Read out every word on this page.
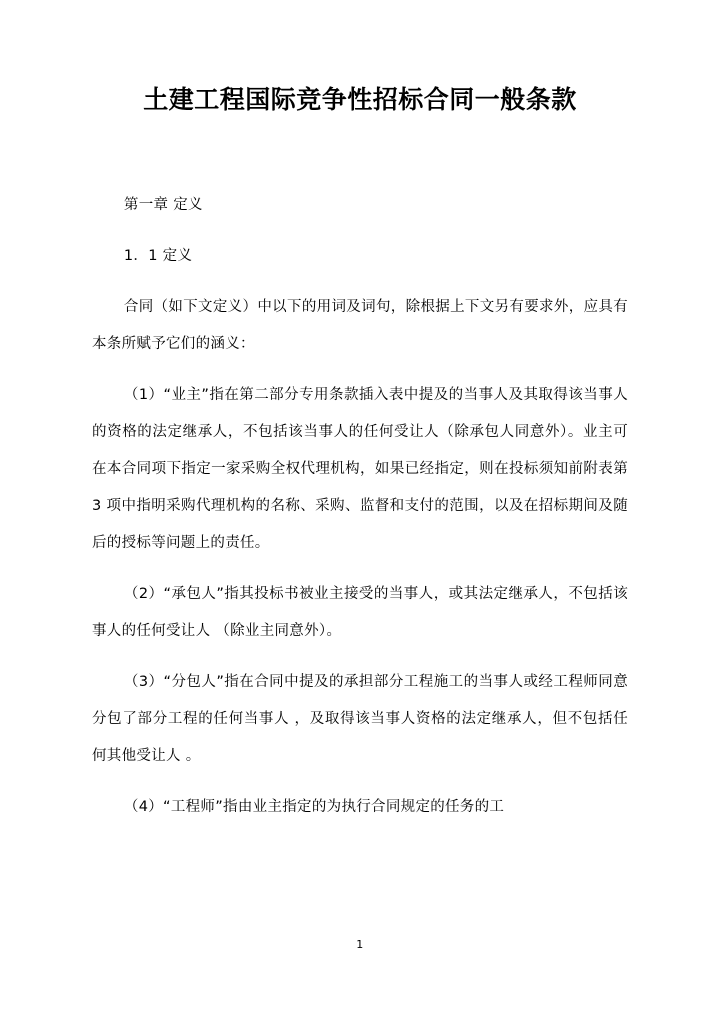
土建工程国际竞争性招标合同一般条款

第一章 定义

1．1 定义

合同（如下文定义）中以下的用词及词句，除根据上下文另有要求外，应具有本条所赋予它们的涵义：

（1）“业主”指在第二部分专用条款插入表中提及的当事人及其取得该当事人的资格的法定继承人，不包括该当事人的任何受让人（除承包人同意外）。业主可在本合同项下指定一家采购全权代理机构，如果已经指定，则在投标须知前附表第 3 项中指明采购代理机构的名称、采购、监督和支付的范围，以及在招标期间及随后的授标等问题上的责任。

（2）“承包人”指其投标书被业主接受的当事人，或其法定继承人，不包括该事人的任何受让人 （除业主同意外）。

（3）“分包人”指在合同中提及的承担部分工程施工的当事人或经工程师同意分包了部分工程的任何当事人 ，及取得该当事人资格的法定继承人，但不包括任何其他受让人 。

（4）“工程师”指由业主指定的为执行合同规定的任务的工

1
